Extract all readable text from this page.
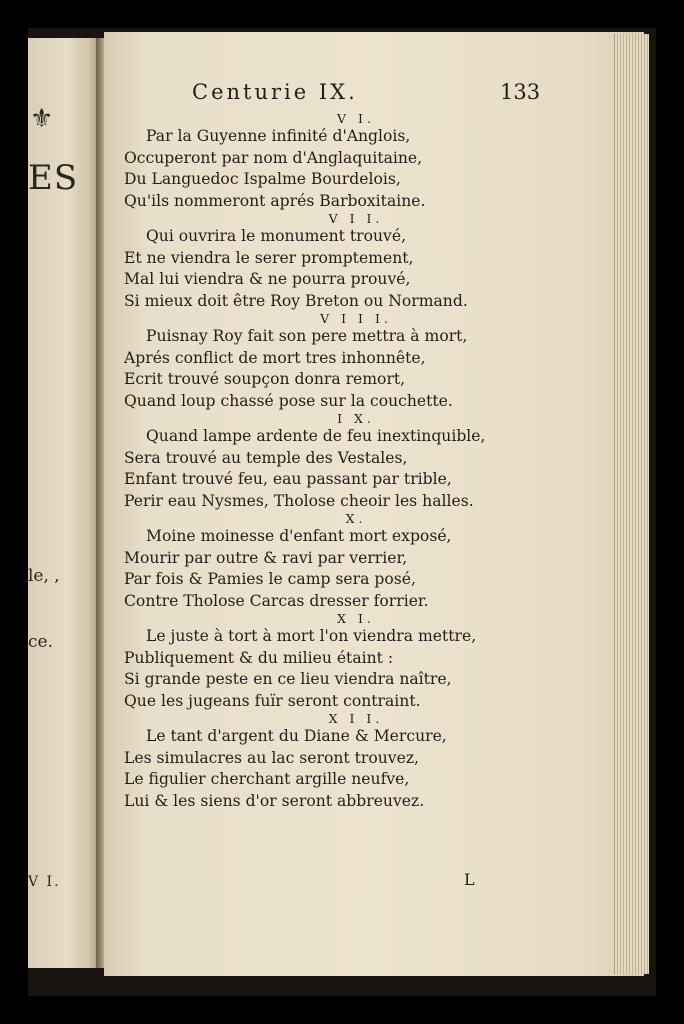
⚜
ES
le, ,
ce.
V I.
Centurie IX.	133
V I.
Par la Guyenne infinité d'Anglois,
Occuperont par nom d'Anglaquitaine,
Du Languedoc Ispalme Bourdelois,
Qu'ils nommeront aprés Barboxitaine.
V I I.
Qui ouvrira le monument trouvé,
Et ne viendra le serer promptement,
Mal lui viendra & ne pourra prouvé,
Si mieux doit être Roy Breton ou Normand.
V I I I.
Puisnay Roy fait son pere mettra à mort,
Aprés conflict de mort tres inhonnête,
Ecrit trouvé soupçon donra remort,
Quand loup chassé pose sur la couchette.
I X.
Quand lampe ardente de feu inextinquible,
Sera trouvé au temple des Vestales,
Enfant trouvé feu, eau passant par trible,
Perir eau Nysmes, Tholose cheoir les halles.
X.
Moine moinesse d'enfant mort exposé,
Mourir par outre & ravi par verrier,
Par fois & Pamies le camp sera posé,
Contre Tholose Carcas dresser forrier.
X I.
Le juste à tort à mort l'on viendra mettre,
Publiquement & du milieu étaint :
Si grande peste en ce lieu viendra naître,
Que les jugeans fuïr seront contraint.
X I I.
Le tant d'argent du Diane & Mercure,
Les simulacres au lac seront trouvez,
Le figulier cherchant argille neufve,
Lui & les siens d'or seront abbreuvez.
L
